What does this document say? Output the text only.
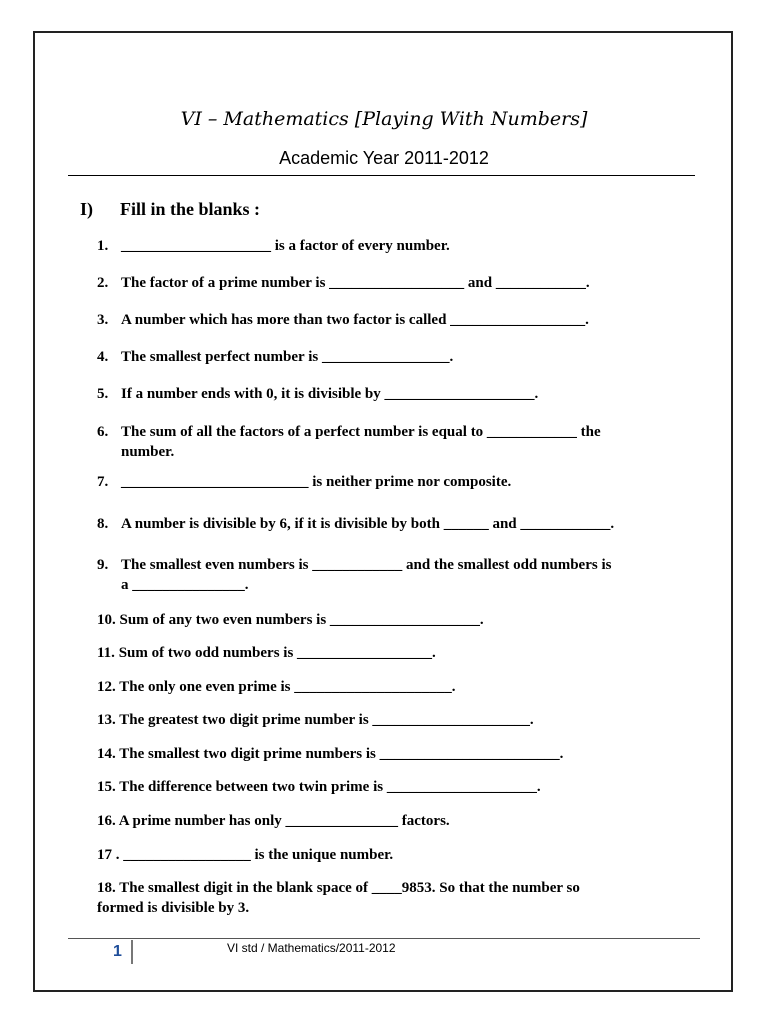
VI – Mathematics [Playing With Numbers]
Academic Year 2011-2012
I) Fill in the blanks :
1. ____________________ is a factor of every number.
2. The factor of a prime number is __________________ and ____________.
3. A number which has more than two factor is called __________________.
4. The smallest perfect number is _________________.
5. If a number ends with 0, it is divisible by ____________________.
6. The sum of all the factors of a perfect number is equal to ____________ the
number.
7. _________________________ is neither prime nor composite.
8. A number is divisible by 6, if it is divisible by both ______ and ____________.
9. The smallest even numbers is ____________ and the smallest odd numbers is
a _______________.
10. Sum of any two even numbers is ____________________.
11. Sum of two odd numbers is __________________.
12. The only one even prime is _____________________.
13. The greatest two digit prime number is _____________________.
14. The smallest two digit prime numbers is ________________________.
15. The difference between two twin prime is ____________________.
16. A prime number has only _______________ factors.
17 . _________________ is the unique number.
18. The smallest digit in the blank space of ____9853. So that the number so
formed is divisible by 3.
1	VI std / Mathematics/2011-2012
